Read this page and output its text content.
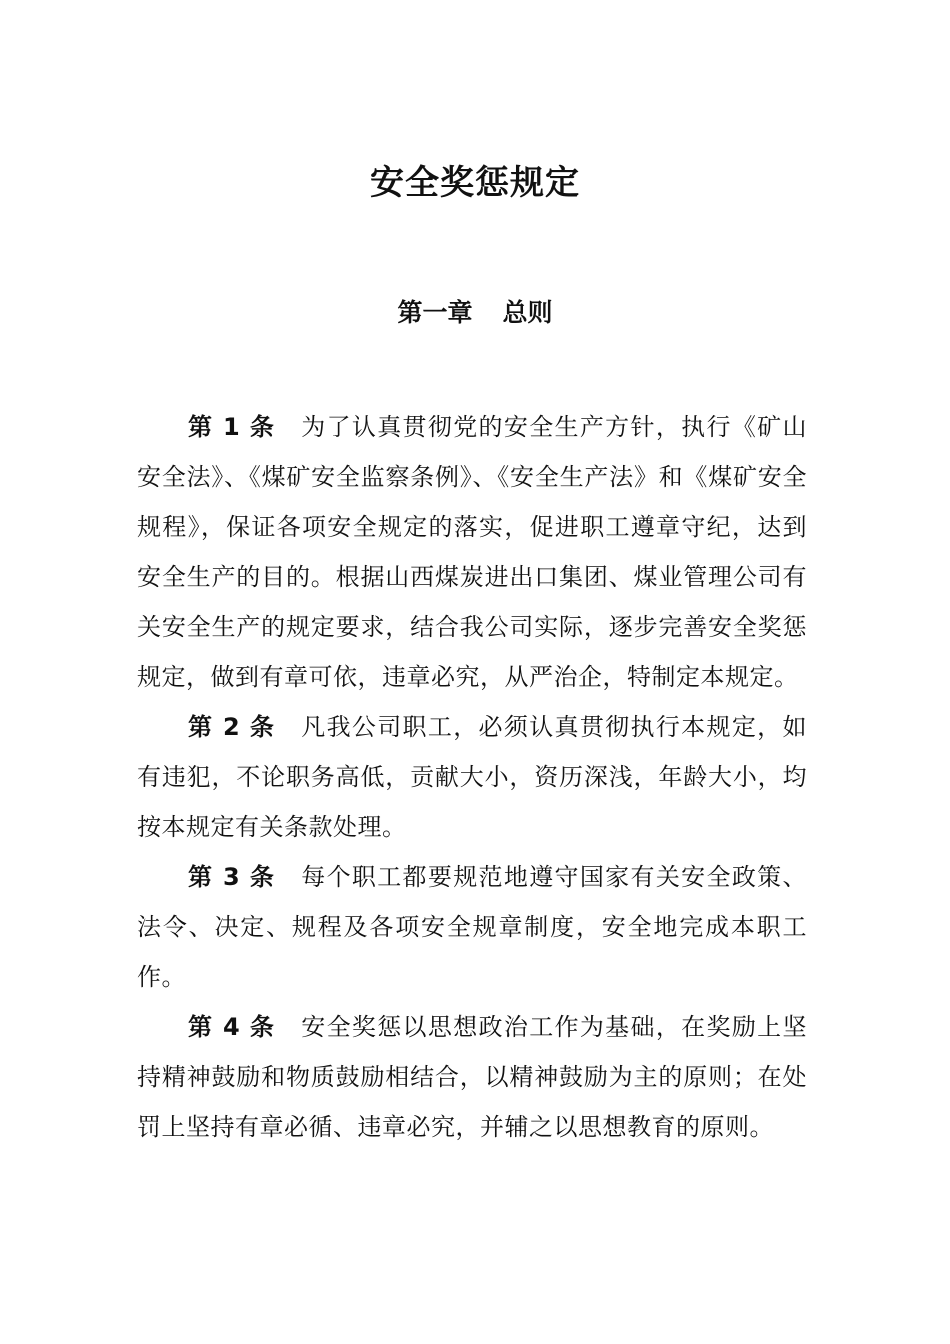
安全奖惩规定
第一章 总则

第 1 条 为了认真贯彻党的安全生产方针，执行《矿山安全法》、《煤矿安全监察条例》、《安全生产法》和《煤矿安全规程》，保证各项安全规定的落实，促进职工遵章守纪，达到安全生产的目的。根据山西煤炭进出口集团、煤业管理公司有关安全生产的规定要求，结合我公司实际，逐步完善安全奖惩规定，做到有章可依，违章必究，从严治企，特制定本规定。

第 2 条 凡我公司职工，必须认真贯彻执行本规定，如有违犯，不论职务高低，贡献大小，资历深浅，年龄大小，均按本规定有关条款处理。

第 3 条 每个职工都要规范地遵守国家有关安全政策、法令、决定、规程及各项安全规章制度，安全地完成本职工作。

第 4 条 安全奖惩以思想政治工作为基础，在奖励上坚持精神鼓励和物质鼓励相结合，以精神鼓励为主的原则；在处罚上坚持有章必循、违章必究，并辅之以思想教育的原则。
